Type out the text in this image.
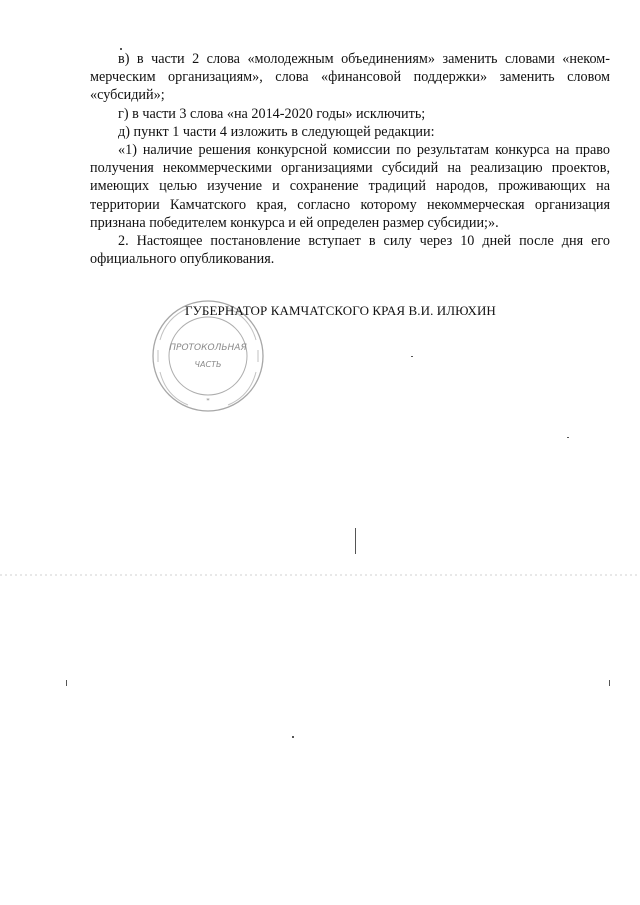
в) в части 2 слова «молодежным объединениям» заменить словами «неком-мерческим организациям», слова «финансовой поддержки» заменить словом «субсидий»;

г) в части 3 слова «на 2014-2020 годы» исключить;

д) пункт 1 части 4 изложить в следующей редакции:

«1) наличие решения конкурсной комиссии по результатам конкурса на право получения некоммерческими организациями субсидий на реализацию проектов, имеющих целью изучение и сохранение традиций народов, проживающих на территории Камчатского края, согласно которому некоммерческая организация признана победителем конкурса и ей определен размер субсидии;».

2. Настоящее постановление вступает в силу через 10 дней после дня его официального опубликования.

ПРОТОКОЛЬНАЯ
ЧАСТЬ
*
ГУБЕРНАТОР КАМЧАТСКОГО КРАЯ В.И. ИЛЮХИН
